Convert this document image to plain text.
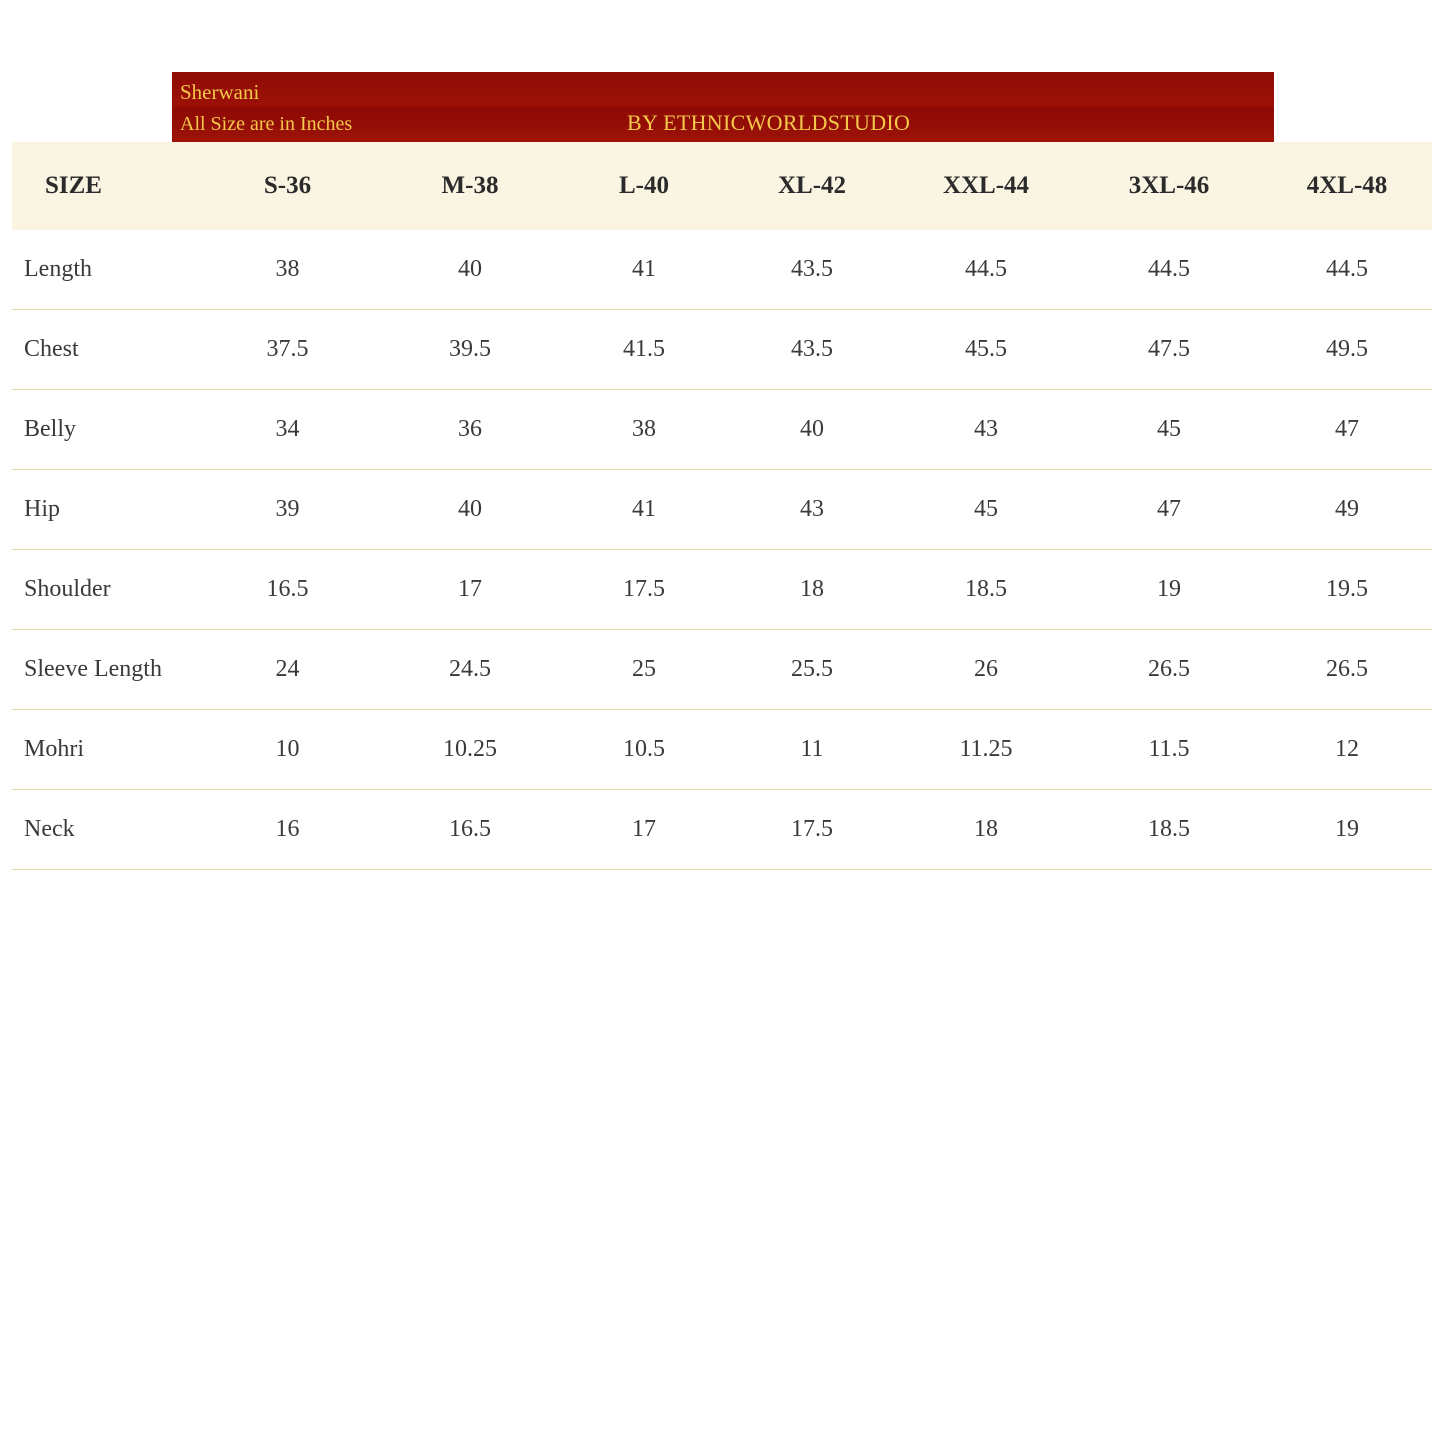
Sherwani
All Size are in Inches	BY ETHNICWORLDSTUDIO
SIZE	S-36	M-38	L-40	XL-42	XXL-44	3XL-46	4XL-48
Length	38	40	41	43.5	44.5	44.5	44.5
Chest	37.5	39.5	41.5	43.5	45.5	47.5	49.5
Belly	34	36	38	40	43	45	47
Hip	39	40	41	43	45	47	49
Shoulder	16.5	17	17.5	18	18.5	19	19.5
Sleeve Length	24	24.5	25	25.5	26	26.5	26.5
Mohri	10	10.25	10.5	11	11.25	11.5	12
Neck	16	16.5	17	17.5	18	18.5	19
